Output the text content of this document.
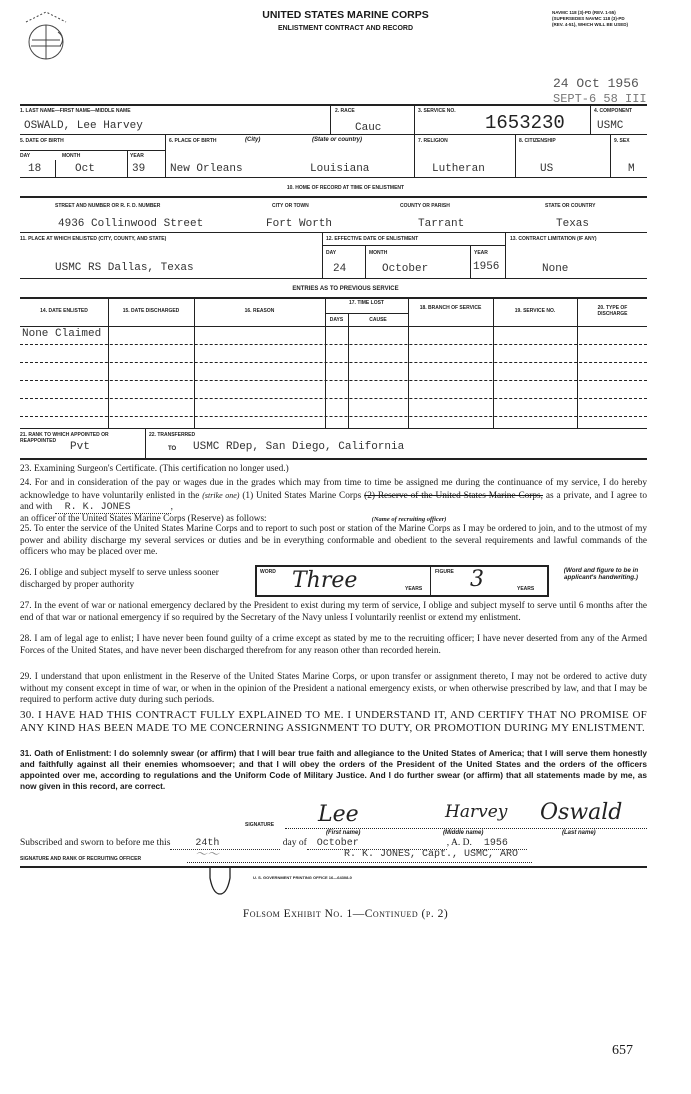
UNITED STATES MARINE CORPS
ENLISTMENT CONTRACT AND RECORD
NAVMC 118 (3)-PD (REV. 1-55)
(SUPERSEDES NAVMC 118 (3)-PD
(REV. 4-51), WHICH WILL BE USED)
24 Oct 1956
SEPT-6 58 III
1. LAST NAME—FIRST NAME—MIDDLE NAME
OSWALD, Lee Harvey
2. RACE
Cauc
3. SERVICE NO.
1653230
4. COMPONENT
USMC
5. DATE OF BIRTH
DAY	MONTH	YEAR
18	Oct	39
6. PLACE OF BIRTH	(City)	(State or country)
New Orleans	Louisiana
7. RELIGION
Lutheran
8. CITIZENSHIP
US
9. SEX
M
10. HOME OF RECORD AT TIME OF ENLISTMENT
STREET AND NUMBER OR R. F. D. NUMBER	CITY OR TOWN	COUNTY OR PARISH	STATE OR COUNTRY
4936 Collinwood Street	Fort Worth	Tarrant	Texas
11. PLACE AT WHICH ENLISTED (CITY, COUNTY, AND STATE)
USMC RS Dallas, Texas
12. EFFECTIVE DATE OF ENLISTMENT
DAY	MONTH	YEAR
24	October	1956
13. CONTRACT LIMITATION (IF ANY)
None
ENTRIES AS TO PREVIOUS SERVICE
14. DATE ENLISTED	15. DATE DISCHARGED	16. REASON
17. TIME LOST
DAYS	CAUSE
18. BRANCH OF SERVICE	19. SERVICE NO.	20. TYPE OF DISCHARGE
None Claimed
21. RANK TO WHICH APPOINTED OR REAPPOINTED	Pvt
22. TRANSFERRED
TO USMC RDep, San Diego, California
23. Examining Surgeon's Certificate. (This certification no longer used.)
24. For and in consideration of the pay or wages due in the grades which may from time to time be assigned me during the continuance of my service, I do hereby acknowledge to have voluntarily enlisted in the (strike one) (1) United States Marine Corps (2) Reserve of the United States Marine Corps, as a private, and I agree to and with R. K. JONES	,
an officer of the United States Marine Corps (Reserve) as follows:	(Name of recruiting officer)
25. To enter the service of the United States Marine Corps and to report to such post or station of the Marine Corps as I may be ordered to join, and to the utmost of my power and ability discharge my several services or duties and be in everything conformable and obedient to the several requirements and lawful commands of the officers who may be placed over me.
26. I oblige and subject myself to serve unless sooner discharged by proper authority
WORD Three	YEARS
FIGURE 3	YEARS
(Word and figure to be in applicant's handwriting.)
27. In the event of war or national emergency declared by the President to exist during my term of service, I oblige and subject myself to serve until 6 months after the end of that war or national emergency if so required by the Secretary of the Navy unless I voluntarily reenlist or extend my enlistment.
28. I am of legal age to enlist; I have never been found guilty of a crime except as stated by me to the recruiting officer; I have never deserted from any of the Armed Forces of the United States, and have never been discharged therefrom for any reason other than recorded herein.
29. I understand that upon enlistment in the Reserve of the United States Marine Corps, or upon transfer or assignment thereto, I may not be ordered to active duty without my consent except in time of war, or when in the opinion of the President a national emergency exists, or when otherwise prescribed by law, and that I may be required to perform active duty during such periods.
30. I HAVE HAD THIS CONTRACT FULLY EXPLAINED TO ME. I UNDERSTAND IT, AND CERTIFY THAT NO PROMISE OF ANY KIND HAS BEEN MADE TO ME CONCERNING ASSIGNMENT TO DUTY, OR PROMOTION DURING MY ENLISTMENT.
31. Oath of Enlistment: I do solemnly swear (or affirm) that I will bear true faith and allegiance to the United States of America; that I will serve them honestly and faithfully against all their enemies whomsoever; and that I will obey the orders of the President of the United States and the orders of the officers appointed over me, according to regulations and the Uniform Code of Military Justice. And I do further swear (or affirm) that all statements made by me, as now given in this record, are correct.
SIGNATURE Lee	Harvey Oswald
(First name)	(Middle name)	(Last name)
Subscribed and sworn to before me this	24th	day of October	, A. D. 1956
SIGNATURE AND RANK OF RECRUITING OFFICER	〜〜	R. K. JONES, Capt., USMC, ARO
U. S. GOVERNMENT PRINTING OFFICE 16—64308-0
Folsom Exhibit No. 1—Continued (p. 2)
657
